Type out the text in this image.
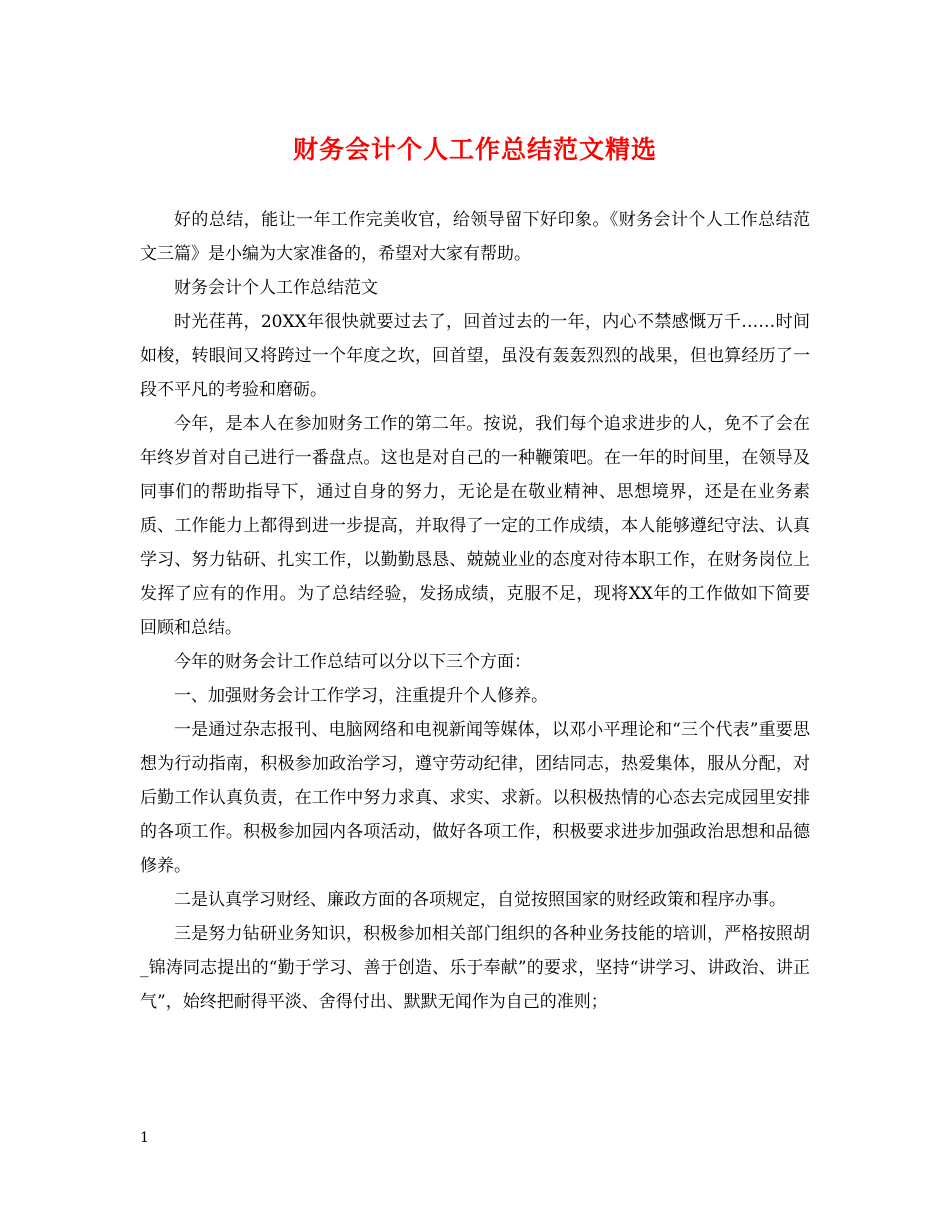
财务会计个人工作总结范文精选

好的总结，能让一年工作完美收官，给领导留下好印象。《财务会计个人工作总结范文三篇》是小编为大家准备的，希望对大家有帮助。

财务会计个人工作总结范文

时光荏苒，20XX年很快就要过去了，回首过去的一年，内心不禁感慨万千……时间如梭，转眼间又将跨过一个年度之坎，回首望，虽没有轰轰烈烈的战果，但也算经历了一段不平凡的考验和磨砺。

今年，是本人在参加财务工作的第二年。按说，我们每个追求进步的人，免不了会在年终岁首对自己进行一番盘点。这也是对自己的一种鞭策吧。在一年的时间里，在领导及同事们的帮助指导下，通过自身的努力，无论是在敬业精神、思想境界，还是在业务素质、工作能力上都得到进一步提高，并取得了一定的工作成绩，本人能够遵纪守法、认真学习、努力钻研、扎实工作，以勤勤恳恳、兢兢业业的态度对待本职工作，在财务岗位上发挥了应有的作用。为了总结经验，发扬成绩，克服不足，现将XX年的工作做如下简要回顾和总结。

今年的财务会计工作总结可以分以下三个方面：

一、加强财务会计工作学习，注重提升个人修养。

一是通过杂志报刊、电脑网络和电视新闻等媒体，以邓小平理论和“三个代表”重要思想为行动指南，积极参加政治学习，遵守劳动纪律，团结同志，热爱集体，服从分配，对后勤工作认真负责，在工作中努力求真、求实、求新。以积极热情的心态去完成园里安排的各项工作。积极参加园内各项活动，做好各项工作，积极要求进步加强政治思想和品德修养。

二是认真学习财经、廉政方面的各项规定，自觉按照国家的财经政策和程序办事。

三是努力钻研业务知识，积极参加相关部门组织的各种业务技能的培训，严格按照胡_锦涛同志提出的“勤于学习、善于创造、乐于奉献”的要求，坚持“讲学习、讲政治、讲正气”，始终把耐得平淡、舍得付出、默默无闻作为自己的准则；

1
